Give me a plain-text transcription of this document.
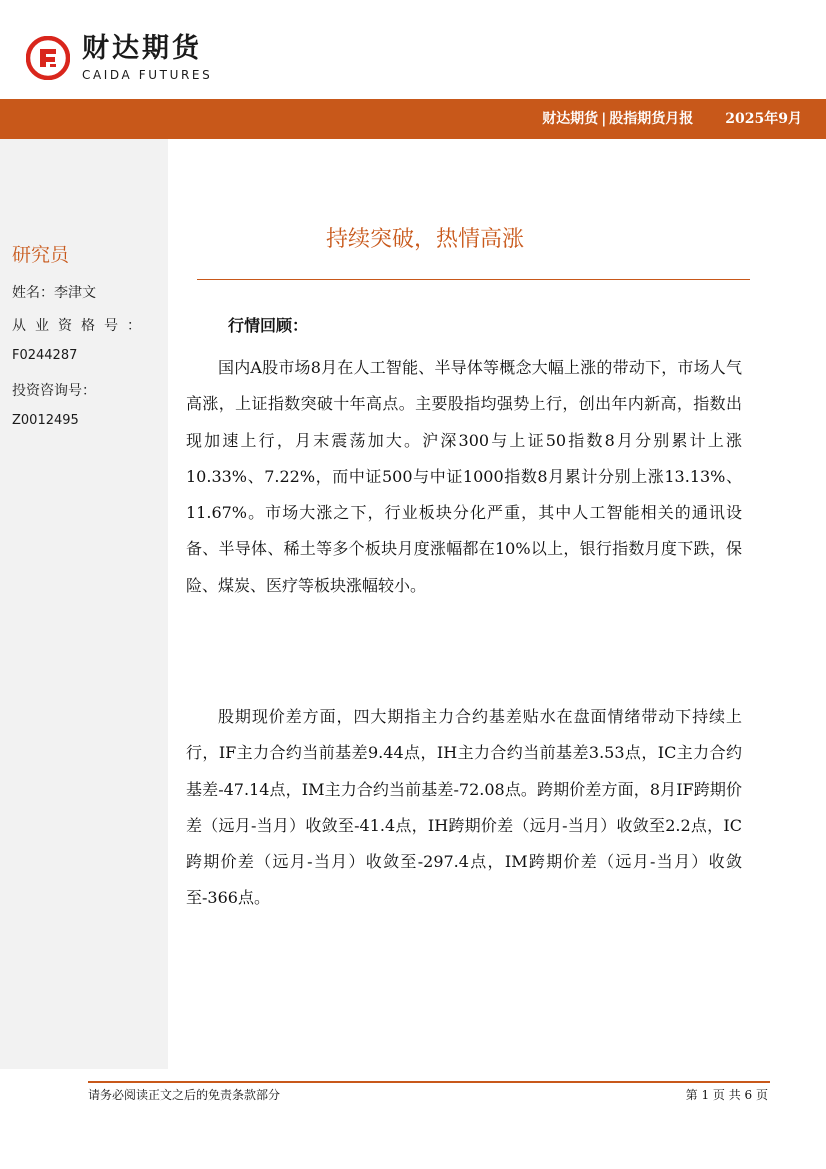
财达期货
CAIDA FUTURES
财达期货 | 股指期货月报 2025年9月
研究员
姓名：李津文
从业资格号：
F0244287
投资咨询号：
Z0012495
持续突破，热情高涨
行情回顾：

国内A股市场8月在人工智能、半导体等概念大幅上涨的带动下，市场人气高涨，上证指数突破十年高点。主要股指均强势上行，创出年内新高，指数出现加速上行，月末震荡加大。沪深300与上证50指数8月分别累计上涨10.33%、7.22%，而中证500与中证1000指数8月累计分别上涨13.13%、11.67%。市场大涨之下，行业板块分化严重，其中人工智能相关的通讯设备、半导体、稀土等多个板块月度涨幅都在10%以上，银行指数月度下跌，保险、煤炭、医疗等板块涨幅较小。

股期现价差方面，四大期指主力合约基差贴水在盘面情绪带动下持续上行，IF主力合约当前基差9.44点，IH主力合约当前基差3.53点，IC主力合约基差-47.14点，IM主力合约当前基差-72.08点。跨期价差方面，8月IF跨期价差（远月-当月）收敛至-41.4点，IH跨期价差（远月-当月）收敛至2.2点，IC跨期价差（远月-当月）收敛至-297.4点，IM跨期价差（远月-当月）收敛至-366点。

请务必阅读正文之后的免责条款部分	第 1 页 共 6 页
